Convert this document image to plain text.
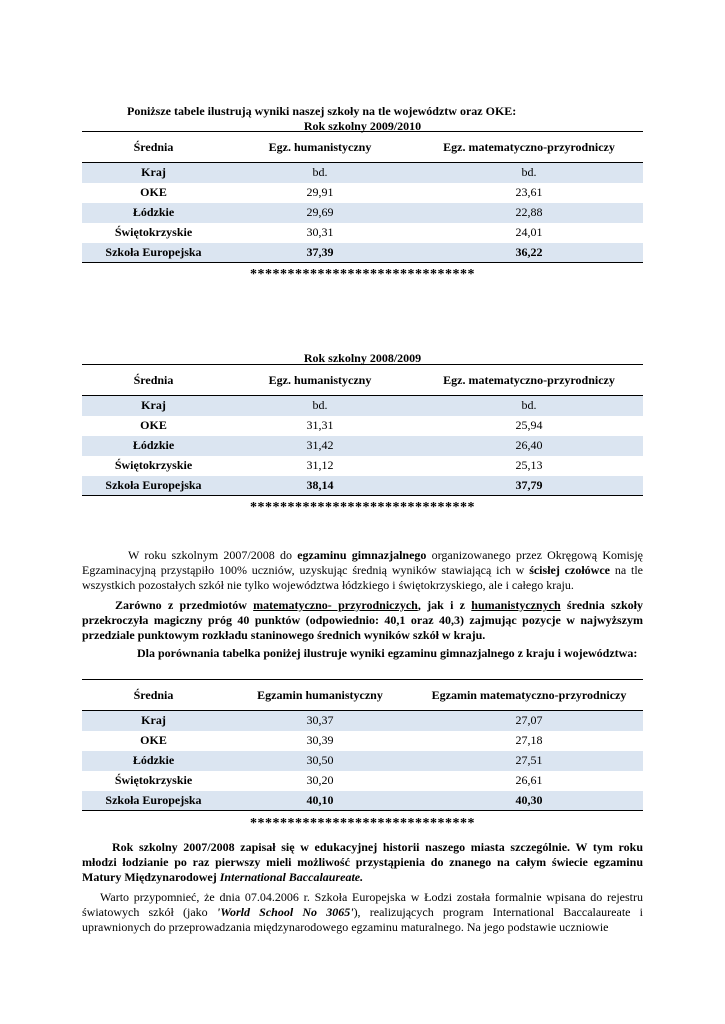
Poniższe tabele ilustrują wyniki naszej szkoły na tle województw oraz OKE:
Rok szkolny 2009/2010
Średnia	Egz. humanistyczny	Egz. matematyczno-przyrodniczy
Kraj	bd.	bd.
OKE	29,91	23,61
Łódzkie	29,69	22,88
Świętokrzyskie	30,31	24,01
Szkoła Europejska	37,39	36,22
******************************
Rok szkolny 2008/2009
Średnia	Egz. humanistyczny	Egz. matematyczno-przyrodniczy
Kraj	bd.	bd.
OKE	31,31	25,94
Łódzkie	31,42	26,40
Świętokrzyskie	31,12	25,13
Szkoła Europejska	38,14	37,79
******************************

W roku szkolnym 2007/2008 do egzaminu gimnazjalnego organizowanego przez Okręgową Komisję Egzaminacyjną przystąpiło 100% uczniów, uzyskując średnią wyników stawiającą ich w ścisłej czołówce na tle wszystkich pozostałych szkół nie tylko województwa łódzkiego i świętokrzyskiego, ale i całego kraju.

Zarówno z przedmiotów matematyczno- przyrodniczych, jak i z humanistycznych średnia szkoły przekroczyła magiczny próg 40 punktów (odpowiednio: 40,1 oraz 40,3) zajmując pozycje w najwyższym przedziale punktowym rozkładu staninowego średnich wyników szkół w kraju.

Dla porównania tabelka poniżej ilustruje wyniki egzaminu gimnazjalnego z kraju i województwa:

Średnia	Egzamin humanistyczny	Egzamin matematyczno-przyrodniczy
Kraj	30,37	27,07
OKE	30,39	27,18
Łódzkie	30,50	27,51
Świętokrzyskie	30,20	26,61
Szkoła Europejska	40,10	40,30
******************************

Rok szkolny 2007/2008 zapisał się w edukacyjnej historii naszego miasta szczególnie. W tym roku młodzi łodzianie po raz pierwszy mieli możliwość przystąpienia do znanego na całym świecie egzaminu Matury Międzynarodowej International Baccalaureate.

Warto przypomnieć, że dnia 07.04.2006 r. Szkoła Europejska w Łodzi została formalnie wpisana do rejestru światowych szkół (jako 'World School No 3065'), realizujących program International Baccalaureate i uprawnionych do przeprowadzania międzynarodowego egzaminu maturalnego. Na jego podstawie uczniowie
